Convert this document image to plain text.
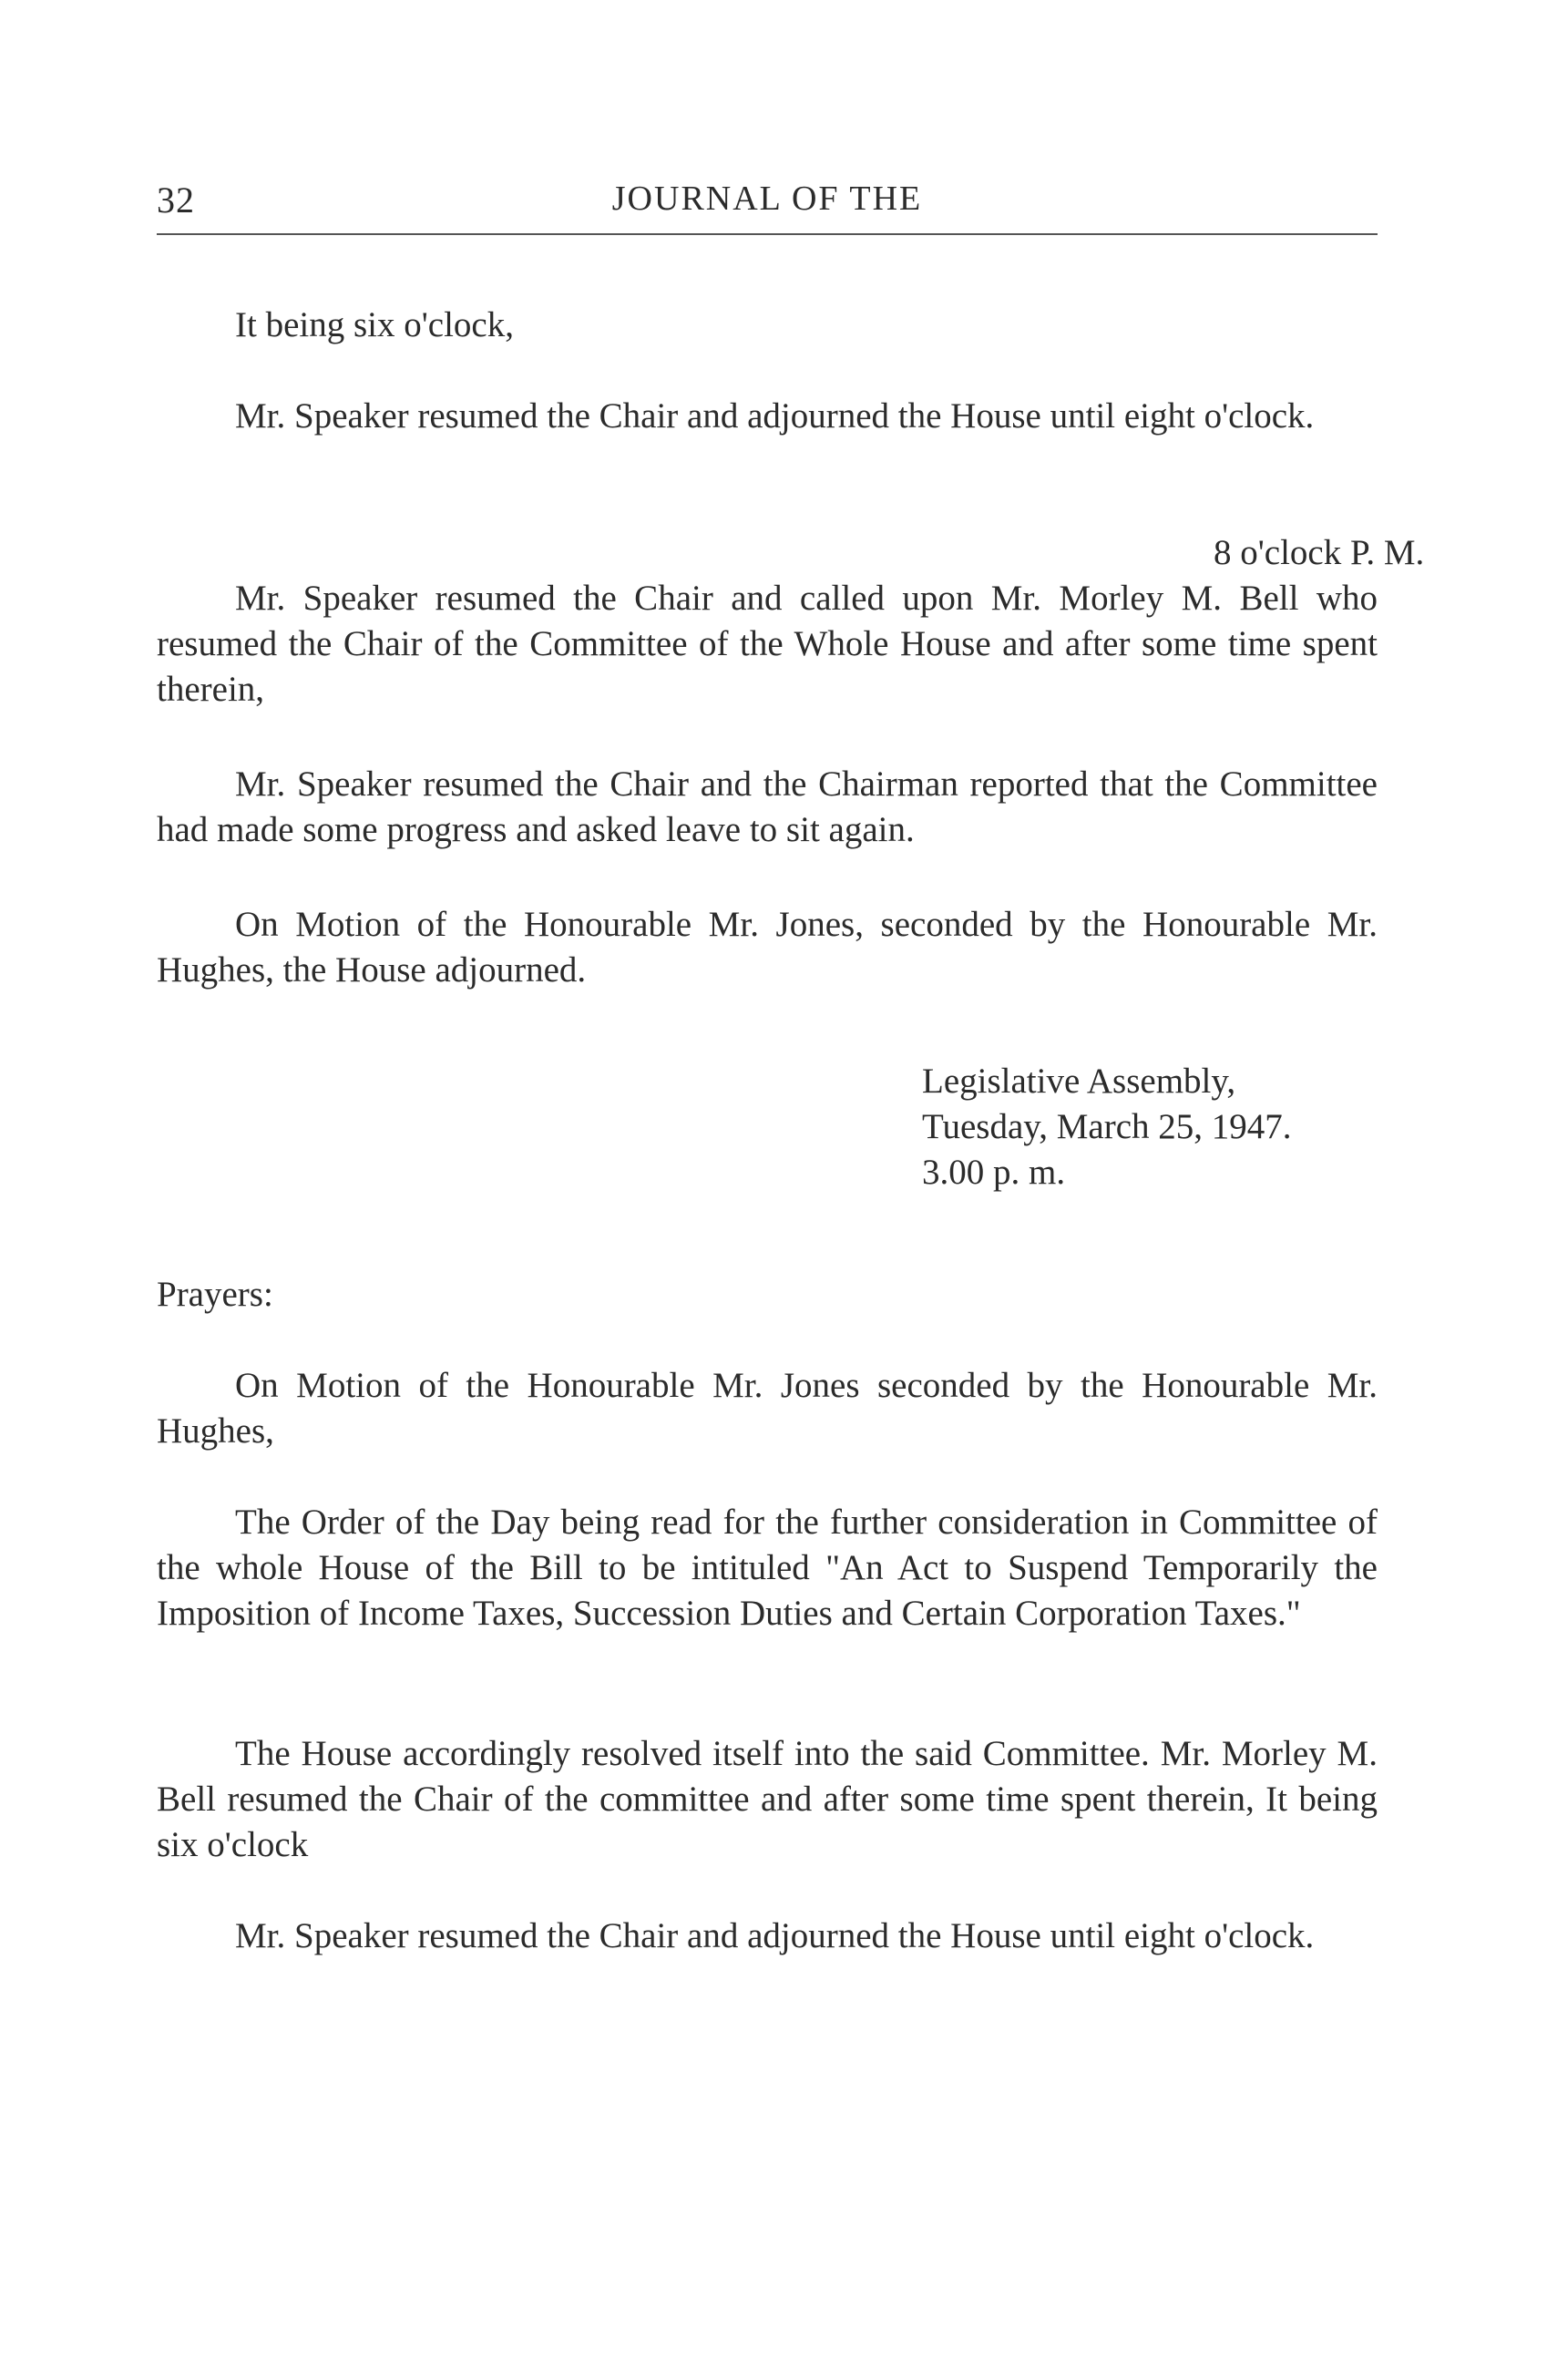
32	JOURNAL OF THE

It being six o'clock,

Mr. Speaker resumed the Chair and adjourned the House until eight o'clock.

8 o'clock P. M.

Mr. Speaker resumed the Chair and called upon Mr. Morley M. Bell who resumed the Chair of the Committee of the Whole House and after some time spent therein,

Mr. Speaker resumed the Chair and the Chairman reported that the Committee had made some progress and asked leave to sit again.

On Motion of the Honourable Mr. Jones, seconded by the Honourable Mr. Hughes, the House adjourned.

Legislative Assembly,
Tuesday, March 25, 1947.
3.00 p. m.
Prayers:

On Motion of the Honourable Mr. Jones seconded by the Honourable Mr. Hughes,

The Order of the Day being read for the further consideration in Committee of the whole House of the Bill to be intituled "An Act to Suspend Temporarily the Imposition of Income Taxes, Succession Duties and Certain Corporation Taxes."

The House accordingly resolved itself into the said Committee. Mr. Morley M. Bell resumed the Chair of the committee and after some time spent therein, It being six o'clock

Mr. Speaker resumed the Chair and adjourned the House until eight o'clock.
